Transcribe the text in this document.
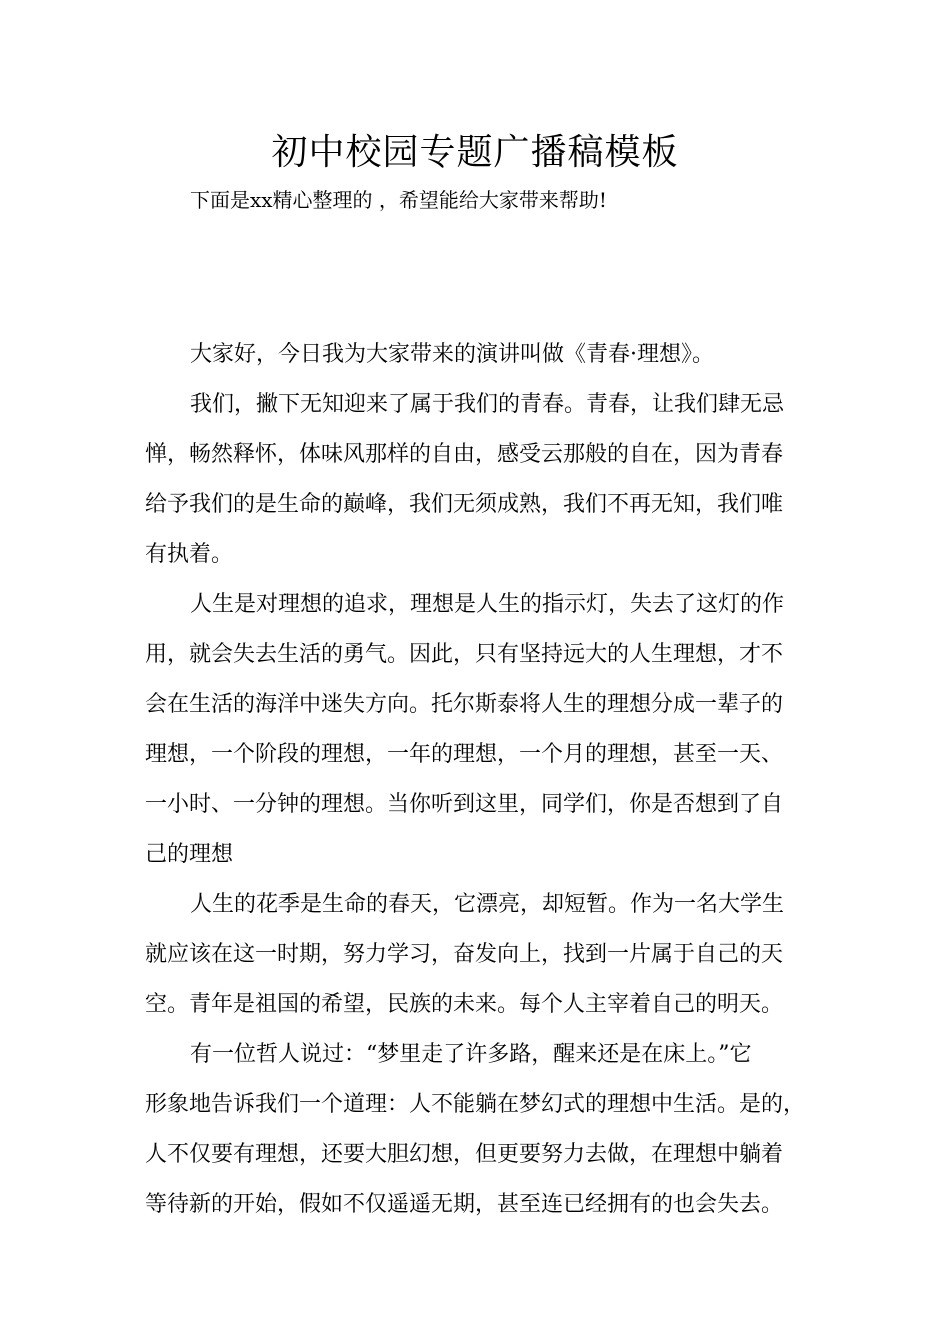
初中校园专题广播稿模板

下面是xx精心整理的 ，希望能给大家带来帮助!

大家好，今日我为大家带来的演讲叫做《青春·理想》。

我们，撇下无知迎来了属于我们的青春。青春，让我们肆无忌

惮，畅然释怀，体味风那样的自由，感受云那般的自在，因为青春

给予我们的是生命的巅峰，我们无须成熟，我们不再无知，我们唯

有执着。

人生是对理想的追求，理想是人生的指示灯，失去了这灯的作

用，就会失去生活的勇气。因此，只有坚持远大的人生理想，才不

会在生活的海洋中迷失方向。托尔斯泰将人生的理想分成一辈子的

理想，一个阶段的理想，一年的理想，一个月的理想，甚至一天、

一小时、一分钟的理想。当你听到这里，同学们，你是否想到了自

己的理想

人生的花季是生命的春天，它漂亮，却短暂。作为一名大学生

就应该在这一时期，努力学习，奋发向上，找到一片属于自己的天

空。青年是祖国的希望，民族的未来。每个人主宰着自己的明天。

有一位哲人说过：“梦里走了许多路，醒来还是在床上。”它

形象地告诉我们一个道理：人不能躺在梦幻式的理想中生活。是的，

人不仅要有理想，还要大胆幻想，但更要努力去做，在理想中躺着

等待新的开始，假如不仅遥遥无期，甚至连已经拥有的也会失去。
